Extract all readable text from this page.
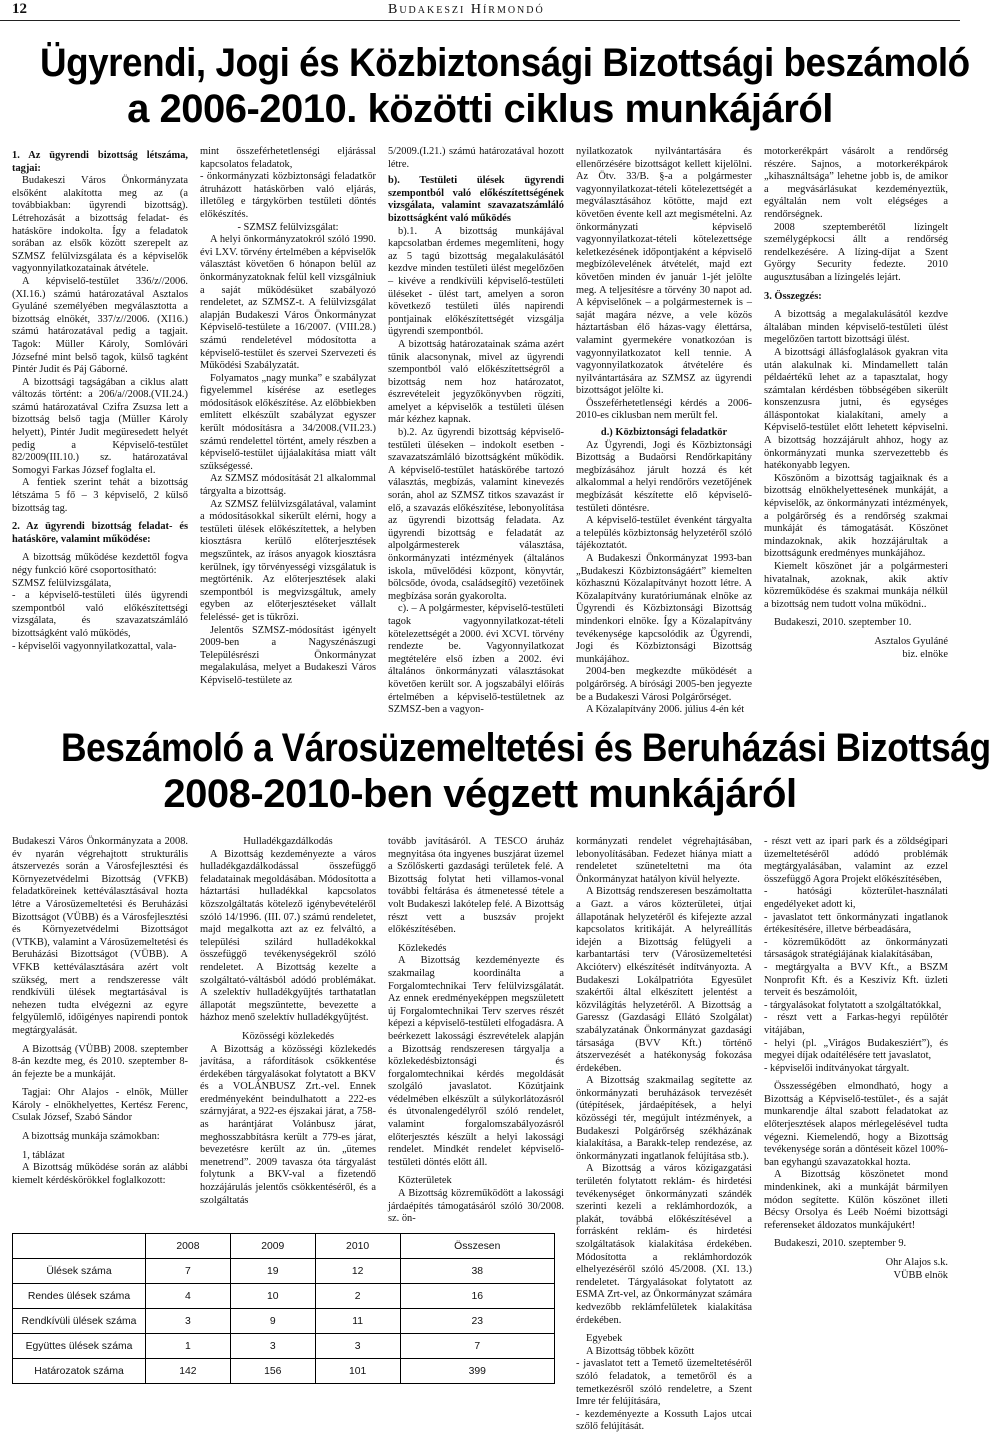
12	Budakeszi Hírmondó
Ügyrendi, Jogi és Közbiztonsági Bizottsági beszámoló
a 2006-2010. közötti ciklus munkájáról

1. Az ügyrendi bizottság létszáma, tagjai:

Budakeszi Város Önkormányzata elsőként alakította meg az (a továbbiakban: ügyrendi bizottság). Létrehozását a bizottság feladat- és hatásköre indokolta. Így a feladatok sorában az elsők között szerepelt az SZMSZ felülvizsgálata és a képviselők vagyonnyilatkozatainak átvétele.

A képviselő-testület 336/z//2006. (XI.16.) számú határozatával Asztalos Gyuláné személyében megválasztotta a bizottság elnökét, 337/z//2006. (XI16.) számú határozatával pedig a tagjait. Tagok: Müller Károly, Somlóvári Józsefné mint belső tagok, külső tagként Pintér Judit és Páj Gáborné.

A bizottsági tagságában a ciklus alatt változás történt: a 206/a//2008.(VII.24.) számú határozatával Czifra Zsuzsa lett a bizottság belső tagja (Müller Károly helyett), Pintér Judit megüresedett helyét pedig a Képviselő-testület 82/2009(III.10.) sz. határozatával Somogyi Farkas József foglalta el.

A fentiek szerint tehát a bizottság létszáma 5 fő – 3 képviselő, 2 külső bizottság tag.

2. Az ügyrendi bizottság feladat- és hatásköre, valamint működése:

A bizottság működése kezdettől fogva négy funkció köré csoportosítható:

SZMSZ felülvizsgálata,

- a képviselő-testületi ülés ügyrendi szempontból való előkészítettségi vizsgálata, és szavazatszámláló bizottságként való működés,

- képviselői vagyonnyilatkozattal, vala-

mint összeférhetetlenségi eljárással kapcsolatos feladatok,

- önkormányzati közbiztonsági feladatkör átruházott hatáskörben való eljárás, illetőleg e tárgykörben testületi döntés előkészítés.

- SZMSZ felülvizsgálat:

A helyi önkormányzatokról szóló 1990. évi LXV. törvény értelmében a képviselők választást követően 6 hónapon belül az önkormányzatoknak felül kell vizsgálniuk a saját működésüket szabályozó rendeletet, az SZMSZ-t. A felülvizsgálat alapján Budakeszi Város Önkormányzat Képviselő-testülete a 16/2007. (VIII.28.) számú rendeletével módosította a képviselő-testület és szervei Szervezeti és Működési Szabályzatát.

Folyamatos „nagy munka” e szabályzat figyelemmel kísérése az esetleges módosítások előkészítése. Az előbbiekben említett elkészült szabályzat egyszer került módosításra a 34/2008.(VII.23.) számú rendelettel történt, amely részben a képviselő-testület újjáalakítása miatt vált szükségessé.

Az SZMSZ módosítását 21 alkalommal tárgyalta a bizottság.

Az SZMSZ felülvizsgálatával, valamint a módosításokkal sikerült elérni, hogy a testületi ülések előkészítettek, a helyben kiosztásra kerülő előterjesztések megszűntek, az írásos anyagok kiosztásra kerülnek, így törvényességi vizsgálatuk is megtörténik. Az előterjesztések alaki szempontból is megvizsgáltuk, amely egyben az előterjesztéseket vállalt feleléssé- get is tükrözi.

Jelentős SZMSZ-módosítást igényelt 2009-ben a Nagyszénászugi Településrészi Önkormányzat megalakulása, melyet a Budakeszi Város Képviselő-testülete az

5/2009.(I.21.) számú határozatával hozott létre.

b). Testületi ülések ügyrendi szempontból való előkészítettségének vizsgálata, valamint szavazatszámláló bizottságként való működés

b).1. A bizottság munkájával kapcsolatban érdemes megemlíteni, hogy az 5 tagú bizottság megalakulásától kezdve minden testületi ülést megelőzően – kivéve a rendkívüli képviselő-testületi üléseket - ülést tart, amelyen a soron következő testületi ülés napirendi pontjainak előkészítettségét vizsgálja ügyrendi szempontból.

A bizottság határozatainak száma azért tűnik alacsonynak, mivel az ügyrendi szempontból való előkészítettségről a bizottság nem hoz határozatot, észrevételeit jegyzőkönyvben rögzíti, amelyet a képviselők a testületi ülésen már kézhez kapnak.

b).2. Az ügyrendi bizottság képviselő-testületi üléseken – indokolt esetben - szavazatszámláló bizottságként működik. A képviselő-testület hatáskörébe tartozó választás, megbízás, valamint kinevezés során, ahol az SZMSZ titkos szavazást ír elő, a szavazás előkészítése, lebonyolítása az ügyrendi bizottság feladata. Az ügyrendi bizottság e feladatát az alpolgármesterek választása, önkormányzati intézmények (általános iskola, művelődési központ, könyvtár, bölcsőde, óvoda, családsegítő) vezetőinek megbízása során gyakorolta.

c). – A polgármester, képviselő-testületi tagok vagyonnyilatkozat-tételi kötelezettségét a 2000. évi XCVI. törvény rendezte be. Vagyonnyilatkozat megtételére első ízben a 2002. évi általános önkormányzati választásokat követően került sor. A jogszabályi előírás értelmében a képviselő-testületnek az SZMSZ-ben a vagyon-

nyilatkozatok nyilvántartására és ellenőrzésére bizottságot kellett kijelölni. Az Ötv. 33/B. §-a a polgármester vagyonnyilatkozat-tételi kötelezettségét a megválasztásához kötötte, majd ezt követően évente kell azt megismételni. Az önkormányzati képviselő vagyonnyilatkozat-tételi kötelezettsége keletkezésének időpontjaként a képviselő megbízólevelének átvételét, majd ezt követően minden év január 1-jét jelölte meg. A teljesítésre a törvény 30 napot ad. A képviselőnek – a polgármesternek is – saját magára nézve, a vele közös háztartásban élő házas-vagy élettársa, valamint gyermekére vonatkozóan is vagyonnyilatkozatot kell tennie. A vagyonnyilatkozatok átvételére és nyilvántartására az SZMSZ az ügyrendi bizottságot jelölte ki.

Összeférhetetlenségi kérdés a 2006-2010-es ciklusban nem merült fel.

d.) Közbiztonsági feladatkör

Az Ügyrendi, Jogi és Közbiztonsági Bizottság a Budaörsi Rendőrkapitány megbízásához járult hozzá és két alkalommal a helyi rendőrőrs vezetőjének megbízását készítette elő képviselő-testületi döntésre.

A képviselő-testület évenként tárgyalta a település közbiztonság helyzetéről szóló tájékoztatót.

A Budakeszi Önkormányzat 1993-ban „Budakeszi Közbiztonságáért” kiemelten közhasznú Közalapítványt hozott létre. A Közalapítvány kuratóriumának elnöke az Ügyrendi és Közbiztonsági Bizottság mindenkori elnöke. Így a Közalapítvány tevékenysége kapcsolódik az Ügyrendi, Jogi és Közbiztonsági Bizottság munkájához.

2004-ben megkezdte működését a polgárőrség. A bírósági 2005-ben jegyezte be a Budakeszi Városi Polgárőrséget.

A Közalapítvány 2006. július 4-én két

motorkerékpárt vásárolt a rendőrség részére. Sajnos, a motorkerékpárok „kihasználtsága” lehetne jobb is, de amikor a megvásárlásukat kezdeményeztük, egyáltalán nem volt elégséges a rendőrségnek.

2008 szeptemberétől lízingelt személygépkocsi állt a rendőrség rendelkezésére. A lízing-díjat a Szent György Security fedezte. 2010 augusztusában a lízingelés lejárt.

3. Összegzés:

A bizottság a megalakulásától kezdve általában minden képviselő-testületi ülést megelőzően tartott bizottsági ülést.

A bizottsági állásfoglalások gyakran vita után alakulnak ki. Mindamellett talán példaértékű lehet az a tapasztalat, hogy számtalan kérdésben többségében sikerült konszenzusra jutni, és egységes álláspontokat kialakítani, amely a Képviselő-testület előtt lehetett képviselni. A bizottság hozzájárult ahhoz, hogy az önkormányzati munka szervezettebb és hatékonyabb legyen.

Köszönöm a bizottság tagjaiknak és a bizottság elnökhelyettesének munkáját, a képviselők, az önkormányzati intézmények, a polgárőrség és a rendőrség szakmai munkáját és támogatását. Köszönet mindazoknak, akik hozzájárultak a bizottságunk eredményes munkájához.

Kiemelt köszönet jár a polgármesteri hivatalnak, azoknak, akik aktív közreműködése és szakmai munkája nélkül a bizottság nem tudott volna működni..

Budakeszi, 2010. szeptember 10.

Asztalos Gyuláné

biz. elnöke

Beszámoló a Városüzemeltetési és Beruházási Bizottság
2008-2010-ben végzett munkájáról

Budakeszi Város Önkormányzata a 2008. év nyarán végrehajtott strukturális átszervezés során a Városfejlesztési és Környezetvédelmi Bizottság (VFKB) feladatköreinek kettéválasztásával hozta létre a Városüzemeltetési és Beruházási Bizottságot (VÜBB) és a Városfejlesztési és Környezetvédelmi Bizottságot (VTKB), valamint a Városüzemeltetési és Beruházási Bizottságot (VÜBB). A VFKB kettéválasztására azért volt szükség, mert a rendszeresse vált rendkívüli ülések megtartásával is nehezen tudta elvégezni az egyre felgyülemlő, időigényes napirendi pontok megtárgyalását.

A Bizottság (VÜBB) 2008. szeptember 8-án kezdte meg, és 2010. szeptember 8-án fejezte be a munkáját.

Tagjai: Ohr Alajos - elnök, Müller Károly - elnökhelyettes, Kertész Ferenc, Csulak József, Szabó Sándor

A bizottság munkája számokban:

1, táblázat

A Bizottság működése során az alábbi kiemelt kérdéskörökkel foglalkozott:

Hulladékgazdálkodás

A Bizottság kezdeményezte a város hulladékgazdálkodással összefüggő feladatainak megoldásában. Módosította a háztartási hulladékkal kapcsolatos közszolgáltatás kötelező igénybevételéről szóló 14/1996. (III. 07.) számú rendeletet, majd megalkotta azt az ez felváltó, a települési szilárd hulladékokkal összefüggő tevékenységekről szóló rendeletet. A Bizottság kezelte a szolgáltató-váltásból adódó problémákat. A szelektív hulladékgyűjtés tarthatatlan állapotát megszüntette, bevezette a házhoz menő szelektív hulladékgyűjtést.

Közösségi közlekedés

A Bizottság a közösségi közlekedés javítása, a ráfordítások csökkentése érdekében tárgyalásokat folytatott a BKV és a VOLÁNBUSZ Zrt.-vel. Ennek eredményeként beindulhatott a 222-es szárnyjárat, a 922-es éjszakai járat, a 758-as harántjárat Volánbusz járat, meghosszabbításra került a 779-es járat, bevezetésre került az ún. „ütemes menetrend”. 2009 tavasza óta tárgyalást folytunk a BKV-val a fizetendő hozzájárulás jelentős csökkentéséről, és a szolgáltatás

tovább javításáról. A TESCO áruház megnyitása óta ingyenes buszjárat üzemel a Szőlőskerti gazdasági területek felé. A Bizottság folytat heti villamos-vonal további feltárása és átmenetessé tétele a volt Budakeszi lakótelep felé. A Bizottság részt vett a buszsáv projekt előkészítésében.

Közlekedés

A Bizottság kezdeményezte és szakmailag koordinálta a Forgalomtechnikai Terv felülvizsgálatát. Az ennek eredményeképpen megszületett új Forgalomtechnikai Terv szerves részét képezi a képviselő-testületi elfogadásra. A beérkezett lakossági észrevételek alapján a Bizottság rendszeresen tárgyalja a közlekedésbiztonsági és forgalomtechnikai kérdés megoldását szolgáló javaslatot. Közútjaink védelmében elkészült a súlykorlátozásról és útvonalengedélyről szóló rendelet, valamint forgalomszabályozásról előterjesztés készült a helyi lakossági rendelet. Mindkét rendelet képviselő-testületi döntés előtt áll.

Közterületek

A Bizottság közreműködött a lakossági járdaépítés támogatásáról szóló 30/2008. sz. ön-

kormányzati rendelet végrehajtásában, lebonyolításában. Fedezet hiánya miatt a rendeletet szüneteltetni ma óta Önkormányzat hatályon kívül helyezte.

A Bizottság rendszeresen beszámoltatta a Gazt. a város közterületei, útjai állapotának helyzetéről és kifejezte azzal kapcsolatos kritikáját. A helyreállítás idején a Bizottság felügyeli a karbantartási terv (Városüzemeltetési Akcióterv) elkészítését indítványozta. A Budakeszi Lokálpatrióta Egyesület szakértői által elkészített jelentést a közvilágítás helyzetéről. A Bizottság a Garessz (Gazdasági Ellátó Szolgálat) szabályzatának Önkormányzat gazdasági társasága (BVV Kft.) történő átszervezését a hatékonyság fokozása érdekében.

A Bizottság szakmailag segítette az önkormányzati beruházások tervezését (útépítések, járdaépítések, a helyi közösségi tér, megújult intézmények, a Budakeszi Polgárőrség székházának kialakítása, a Barakk-telep rendezése, az önkormányzati ingatlanok felújítása stb.).

A Bizottság a város közigazgatási területén folytatott reklám- és hirdetési tevékenységet önkormányzati szándék szerinti kezeli a reklámhordozók, a plakát, továbbá előkészítésével a forrásként reklám- és hirdetési szolgáltatások kialakítása érdekében. Módosította a reklámhordozók elhelyezéséről szóló 45/2008. (XI. 13.) rendeletet. Tárgyalásokat folytatott az ESMA Zrt-vel, az Önkormányzat számára kedvezőbb reklámfelületek kialakítása érdekében.

Egyebek

A Bizottság többek között

- javaslatot tett a Temető üzemeltetéséről szóló feladatok, a temetőről és a temetkezésről szóló rendeletre, a Szent Imre tér felújítására,

- kezdeményezte a Kossuth Lajos utcai szőlő felújítását.

- részt vett az ipari park és a zöldségipari üzemeltetéséről adódó problémák megtárgyalásában, valamint az ezzel összefüggő Agora Projekt előkészítésében,

- hatósági közterület-használati engedélyeket adott ki,

- javaslatot tett önkormányzati ingatlanok értékesítésére, illetve bérbeadására,

- közreműködött az önkormányzati társaságok stratégiájának kialakításában,

- megtárgyalta a BVV Kft., a BSZM Nonprofit Kft. és a Keszivíz Kft. üzleti terveit és beszámolóit,

- tárgyalásokat folytatott a szolgáltatókkal,

- részt vett a Farkas-hegyi repülőtér vitájában,

- helyi (pl. „Virágos Budakesziért”), és megyei díjak odaítélésére tett javaslatot,

- képviselői indítványokat tárgyalt.

Összességében elmondható, hogy a Bizottság a Képviselő-testület-, és a saját munkarendje által szabott feladatokat az előterjesztések alapos mérlegelésével tudta végezni. Kiemelendő, hogy a Bizottság tevékenysége során a döntéseit közel 100%-ban egyhangú szavazatokkal hozta.

A Bizottság köszönetet mond mindenkinek, aki a munkáját bármilyen módon segítette. Külön köszönet illeti Bécsy Orsolya és Leéb Noémi bizottsági referenseket áldozatos munkájukért!

Budakeszi, 2010. szeptember 9.

Ohr Alajos s.k.

VÜBB elnök

	2008	2009	2010	Összesen
Ülések száma	7	19	12	38
Rendes ülések száma	4	10	2	16
Rendkívüli ülések száma	3	9	11	23
Együttes ülések száma	1	3	3	7
Határozatok száma	142	156	101	399
